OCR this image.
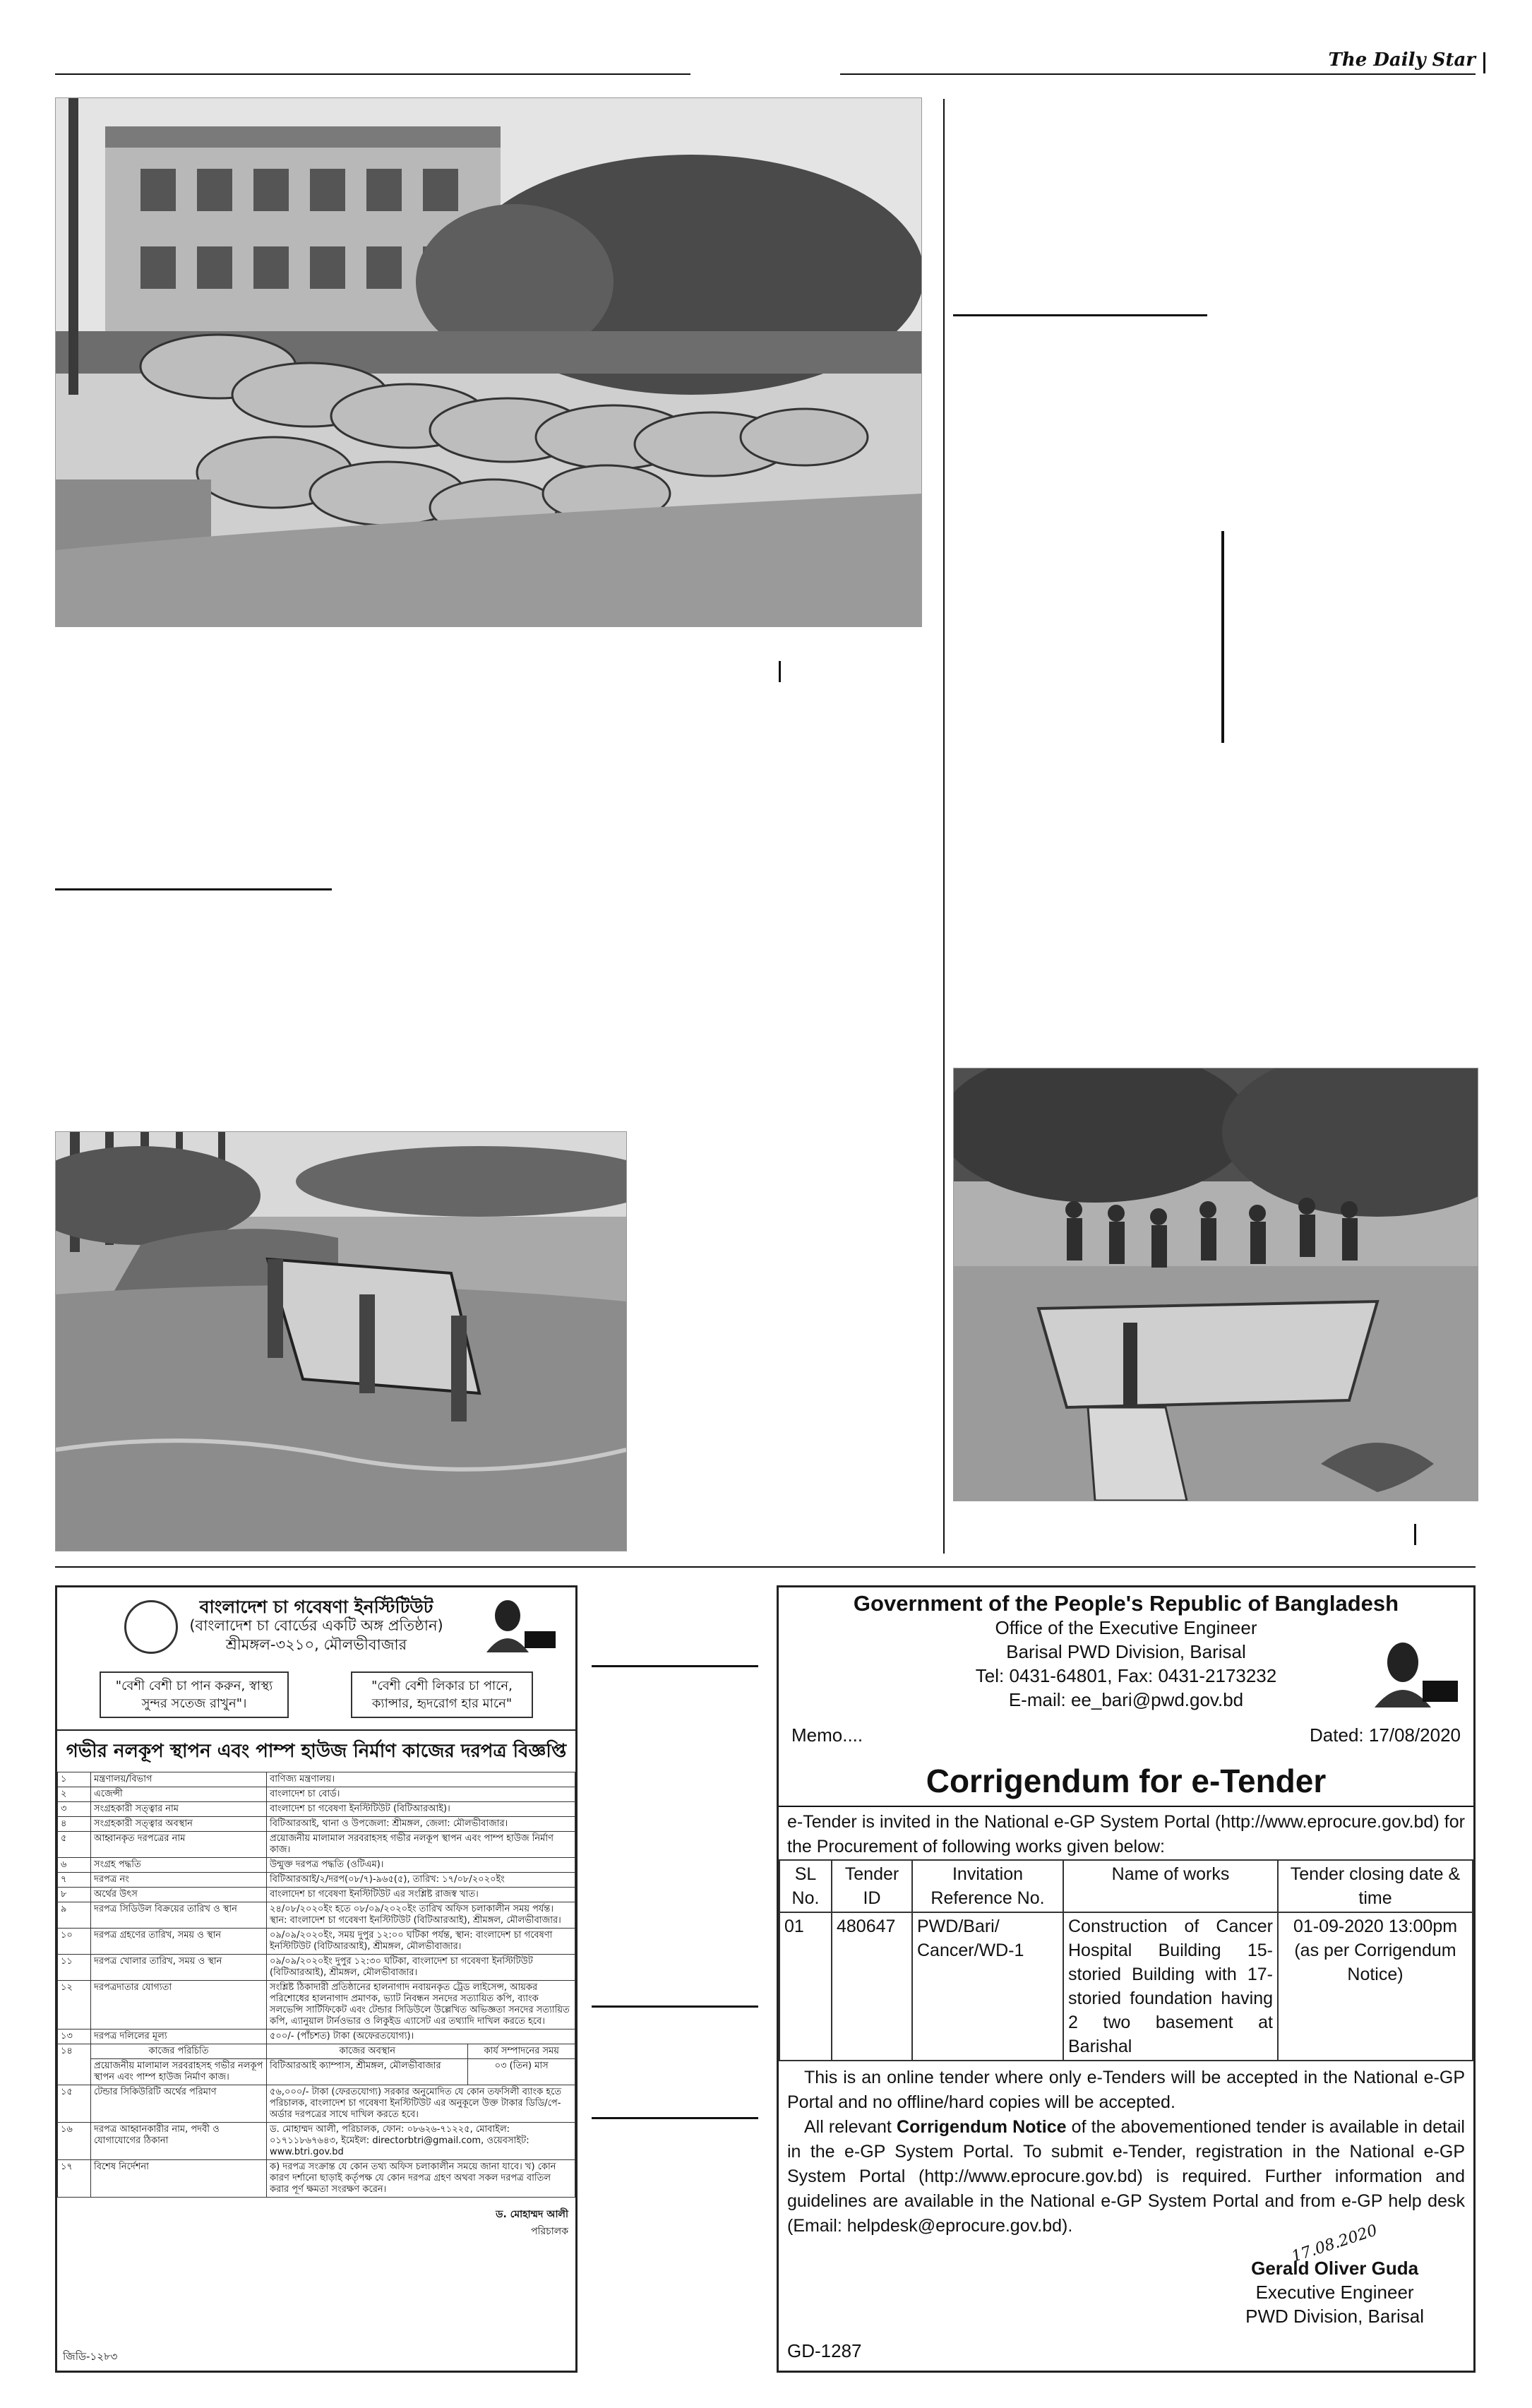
The Daily Star
বাংলাদেশ চা গবেষণা ইনস্টিটিউট
(বাংলাদেশ চা বোর্ডের একটি অঙ্গ প্রতিষ্ঠান)
শ্রীমঙ্গল-৩২১০, মৌলভীবাজার
"বেশী বেশী চা পান করুন, স্বাস্থ্য সুন্দর সতেজ রাখুন"।
"বেশী বেশী লিকার চা পানে, ক্যান্সার, হৃদরোগ হার মানে"
গভীর নলকূপ স্থাপন এবং পাম্প হাউজ নির্মাণ কাজের দরপত্র বিজ্ঞপ্তি
১	মন্ত্রণালয়/বিভাগ	বাণিজ্য মন্ত্রণালয়।	
২	এজেন্সী	বাংলাদেশ চা বোর্ড।	
৩	সংগ্রহকারী সত্ত্বার নাম	বাংলাদেশ চা গবেষণা ইনস্টিটিউট (বিটিআরআই)।	
৪	সংগ্রহকারী সত্ত্বার অবস্থান	বিটিআরআই, থানা ও উপজেলা: শ্রীমঙ্গল, জেলা: মৌলভীবাজার।	
৫	আহ্বানকৃত দরপত্রের নাম	প্রয়োজনীয় মালামাল সরবরাহসহ গভীর নলকূপ স্থাপন এবং পাম্প হাউজ নির্মাণ কাজ।	
৬	সংগ্রহ পদ্ধতি	উন্মুক্ত দরপত্র পদ্ধতি (ওটিএম)।	
৭	দরপত্র নং	বিটিআরআই/২/দরপ(০৮/৭)-৯৬৫(৫), তারিখ: ১৭/০৮/২০২০ইং	
৮	অর্থের উৎস	বাংলাদেশ চা গবেষণা ইনস্টিটিউট এর সংশ্লিষ্ট রাজস্ব খাত।	
৯	দরপত্র সিডিউল বিক্রয়ের তারিখ ও স্থান	২৪/০৮/২০২০ইং হতে ০৮/০৯/২০২০ইং তারিখ অফিস চলাকালীন সময় পর্যন্ত। স্থান: বাংলাদেশ চা গবেষণা ইনস্টিটিউট (বিটিআরআই), শ্রীমঙ্গল, মৌলভীবাজার।	
১০	দরপত্র গ্রহণের তারিখ, সময় ও স্থান	০৯/০৯/২০২০ইং, সময় দুপুর ১২:০০ ঘটিকা পর্যন্ত, স্থান: বাংলাদেশ চা গবেষণা ইনস্টিটিউট (বিটিআরআই), শ্রীমঙ্গল, মৌলভীবাজার।	
১১	দরপত্র খোলার তারিখ, সময় ও স্থান	০৯/০৯/২০২০ইং দুপুর ১২:৩০ ঘটিকা, বাংলাদেশ চা গবেষণা ইনস্টিটিউট (বিটিআরআই), শ্রীমঙ্গল, মৌলভীবাজার।	
১২	দরপত্রদাতার যোগ্যতা	সংশ্লিষ্ট ঠিকাদারী প্রতিষ্ঠানের হালনাগাদ নবায়নকৃত ট্রেড লাইসেন্স, আয়কর পরিশোধের হালনাগাদ প্রমাণক, ভ্যাট নিবন্ধন সনদের সত্যায়িত কপি, ব্যাংক সলভেন্সি সার্টিফিকেট এবং টেন্ডার সিডিউলে উল্লেখিত অভিজ্ঞতা সনদের সত্যায়িত কপি, এ্যানুয়াল টার্নওভার ও লিকুইড এ্যাসেট এর তথ্যাদি দাখিল করতে হবে।	
১৩	দরপত্র দলিলের মূল্য	৫০০/- (পাঁচশত) টাকা (অফেরতযোগ্য)।	
১৪	কাজের পরিচিতি	কাজের অবস্থান	কার্য সম্পাদনের সময়
	প্রয়োজনীয় মালামাল সরবরাহসহ গভীর নলকূপ স্থাপন এবং পাম্প হাউজ নির্মাণ কাজ।	বিটিআরআই ক্যাম্পাস, শ্রীমঙ্গল, মৌলভীবাজার	০৩ (তিন) মাস
১৫	টেন্ডার সিকিউরিটি অর্থের পরিমাণ	৫৬,০০০/- টাকা (ফেরতযোগ্য) সরকার অনুমোদিত যে কোন তফসিলী ব্যাংক হতে পরিচালক, বাংলাদেশ চা গবেষণা ইনস্টিটিউট এর অনুকূলে উক্ত টাকার ডিডি/পে-অর্ডার দরপত্রের সাথে দাখিল করতে হবে।	
১৬	দরপত্র আহ্বানকারীর নাম, পদবী ও যোগাযোগের ঠিকানা	ড. মোহাম্মদ আলী, পরিচালক, ফোন: ০৮৬২৬-৭১২২৫, মোবাইল: ০১৭১১৮৬৭৬৪৩, ইমেইল: directorbtri@gmail.com, ওয়েবসাইট: www.btri.gov.bd	
১৭	বিশেষ নির্দেশনা	ক) দরপত্র সংক্রান্ত যে কোন তথ্য অফিস চলাকালীন সময়ে জানা যাবে। খ) কোন কারণ দর্শানো ছাড়াই কর্তৃপক্ষ যে কোন দরপত্র গ্রহণ অথবা সকল দরপত্র বাতিল করার পূর্ণ ক্ষমতা সংরক্ষণ করেন।	
ড. মোহাম্মদ আলী
পরিচালক
জিডি-১২৮৩
Government of the People's Republic of Bangladesh
Office of the Executive Engineer
Barisal PWD Division, Barisal
Tel: 0431-64801, Fax: 0431-2173232
E-mail: ee_bari@pwd.gov.bd
Memo....	Dated: 17/08/2020
Corrigendum for e-Tender
e-Tender is invited in the National e-GP System Portal (http://www.eprocure.gov.bd) for the Procurement of following works given below:
SL No.	Tender ID	Invitation Reference No.	Name of works	Tender closing date & time
01	480647	PWD/Bari/ Cancer/WD-1	Construction of Cancer Hospital Building 15-storied Building with 17-storied foundation having 2 two basement at Barishal	01-09-2020 13:00pm (as per Corrigendum Notice)
This is an online tender where only e-Tenders will be accepted in the National e-GP Portal and no offline/hard copies will be accepted.
All relevant Corrigendum Notice of the abovementioned tender is available in detail in the e-GP System Portal. To submit e-Tender, registration in the National e-GP System Portal (http://www.eprocure.gov.bd) is required. Further information and guidelines are available in the National e-GP System Portal and from e-GP help desk (Email: helpdesk@eprocure.gov.bd).	17.08.2020
Gerald Oliver Guda
Executive Engineer
PWD Division, Barisal
GD-1287
